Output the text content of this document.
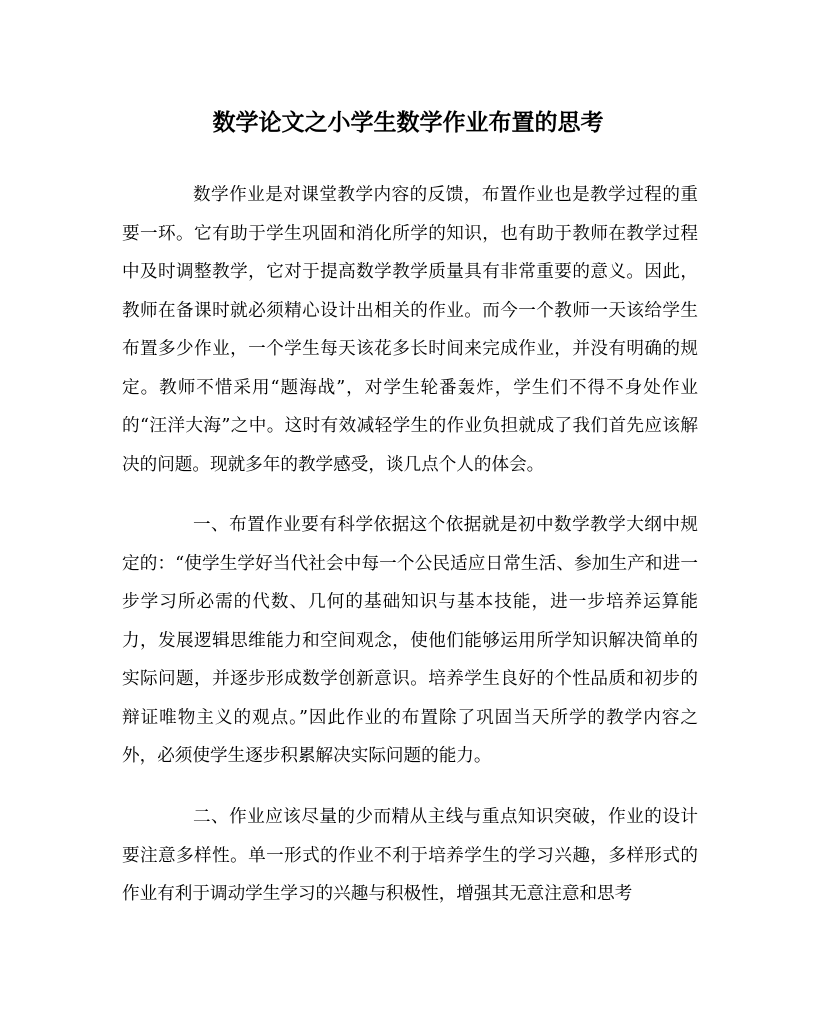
数学论文之小学生数学作业布置的思考

数学作业是对课堂教学内容的反馈，布置作业也是教学过程的重要一环。它有助于学生巩固和消化所学的知识，也有助于教师在教学过程中及时调整教学，它对于提高数学教学质量具有非常重要的意义。因此，教师在备课时就必须精心设计出相关的作业。而今一个教师一天该给学生布置多少作业，一个学生每天该花多长时间来完成作业，并没有明确的规定。教师不惜采用“题海战”，对学生轮番轰炸，学生们不得不身处作业的“汪洋大海”之中。这时有效减轻学生的作业负担就成了我们首先应该解决的问题。现就多年的教学感受，谈几点个人的体会。

一、布置作业要有科学依据这个依据就是初中数学教学大纲中规定的：“使学生学好当代社会中每一个公民适应日常生活、参加生产和进一步学习所必需的代数、几何的基础知识与基本技能，进一步培养运算能力，发展逻辑思维能力和空间观念，使他们能够运用所学知识解决简单的实际问题，并逐步形成数学创新意识。培养学生良好的个性品质和初步的辩证唯物主义的观点。”因此作业的布置除了巩固当天所学的教学内容之外，必须使学生逐步积累解决实际问题的能力。

二、作业应该尽量的少而精从主线与重点知识突破，作业的设计要注意多样性。单一形式的作业不利于培养学生的学习兴趣，多样形式的作业有利于调动学生学习的兴趣与积极性，增强其无意注意和思考
